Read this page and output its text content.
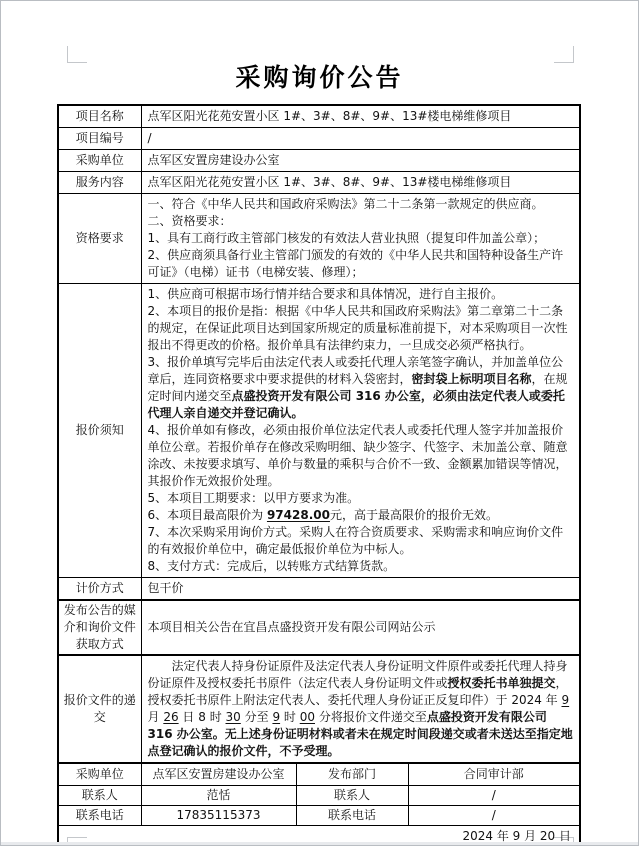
采购询价公告
项目名称	点军区阳光花苑安置小区 1#、3#、8#、9#、13#楼电梯维修项目		
项目编号	/		
采购单位	点军区安置房建设办公室		
服务内容	点军区阳光花苑安置小区 1#、3#、8#、9#、13#楼电梯维修项目		
资格要求	一、符合《中华人民共和国政府采购法》第二十二条第一款规定的供应商。
二、资格要求：
1、具有工商行政主管部门核发的有效法人营业执照（提复印件加盖公章）；
2、供应商须具备行业主管部门颁发的有效的《中华人民共和国特种设备生产许可证》（电梯）证书（电梯安装、修理）；		

报价须知	
1、供应商可根据市场行情并结合要求和具体情况，进行自主报价。
2、本项目的报价是指：根据《中华人民共和国政府采购法》第二章第二十二条的规定，在保证此项目达到国家所规定的质量标准前提下，对本采购项目一次性报出不得更改的价格。报价单具有法律约束力，一旦成交必须严格执行。
3、报价单填写完毕后由法定代表人或委托代理人亲笔签字确认，并加盖单位公章后，连同资格要求中要求提供的材料入袋密封，密封袋上标明项目名称，在规定时间内递交至点盛投资开发有限公司 316 办公室，必须由法定代表人或委托代理人亲自递交并登记确认。
4、报价单如有修改，必须由报价单位法定代表人或委托代理人签字并加盖报价单位公章。若报价单存在修改采购明细、缺少签字、代签字、未加盖公章、随意涂改、未按要求填写、单价与数量的乘积与合价不一致、金额累加错误等情况，其报价作无效报价处理。
5、本项目工期要求：以甲方要求为准。
6、本项目最高限价为 97428.00元，高于最高限价的报价无效。
7、本次采购采用询价方式。采购人在符合资质要求、采购需求和响应询价文件的有效报价单位中，确定最低报价单位为中标人。
8、支付方式：完成后，以转账方式结算货款。

计价方式	包干价		
发布公告的媒介和询价文件获取方式	本项目相关公告在宜昌点盛投资开发有限公司网站公示		
报价文件的递交	　　法定代表人持身份证原件及法定代表人身份证明文件原件或委托代理人持身份证原件及授权委托书原件（法定代表人身份证明文件或授权委托书单独提交，授权委托书原件上附法定代表人、委托代理人身份证正反复印件）于 2024 年 9 月 26 日 8 时 30 分至 9 时 00 分将报价文件递交至点盛投资开发有限公司 316 办公室。无上述身份证明材料或者未在规定时间段递交或者未送达至指定地点登记确认的报价文件，不予受理。		

采购单位	点军区安置房建设办公室	发布部门	合同审计部
联系人	范恬	联系人	/
联系电话	17835115373	联系电话	/
2024 年 9 月 20 日			
